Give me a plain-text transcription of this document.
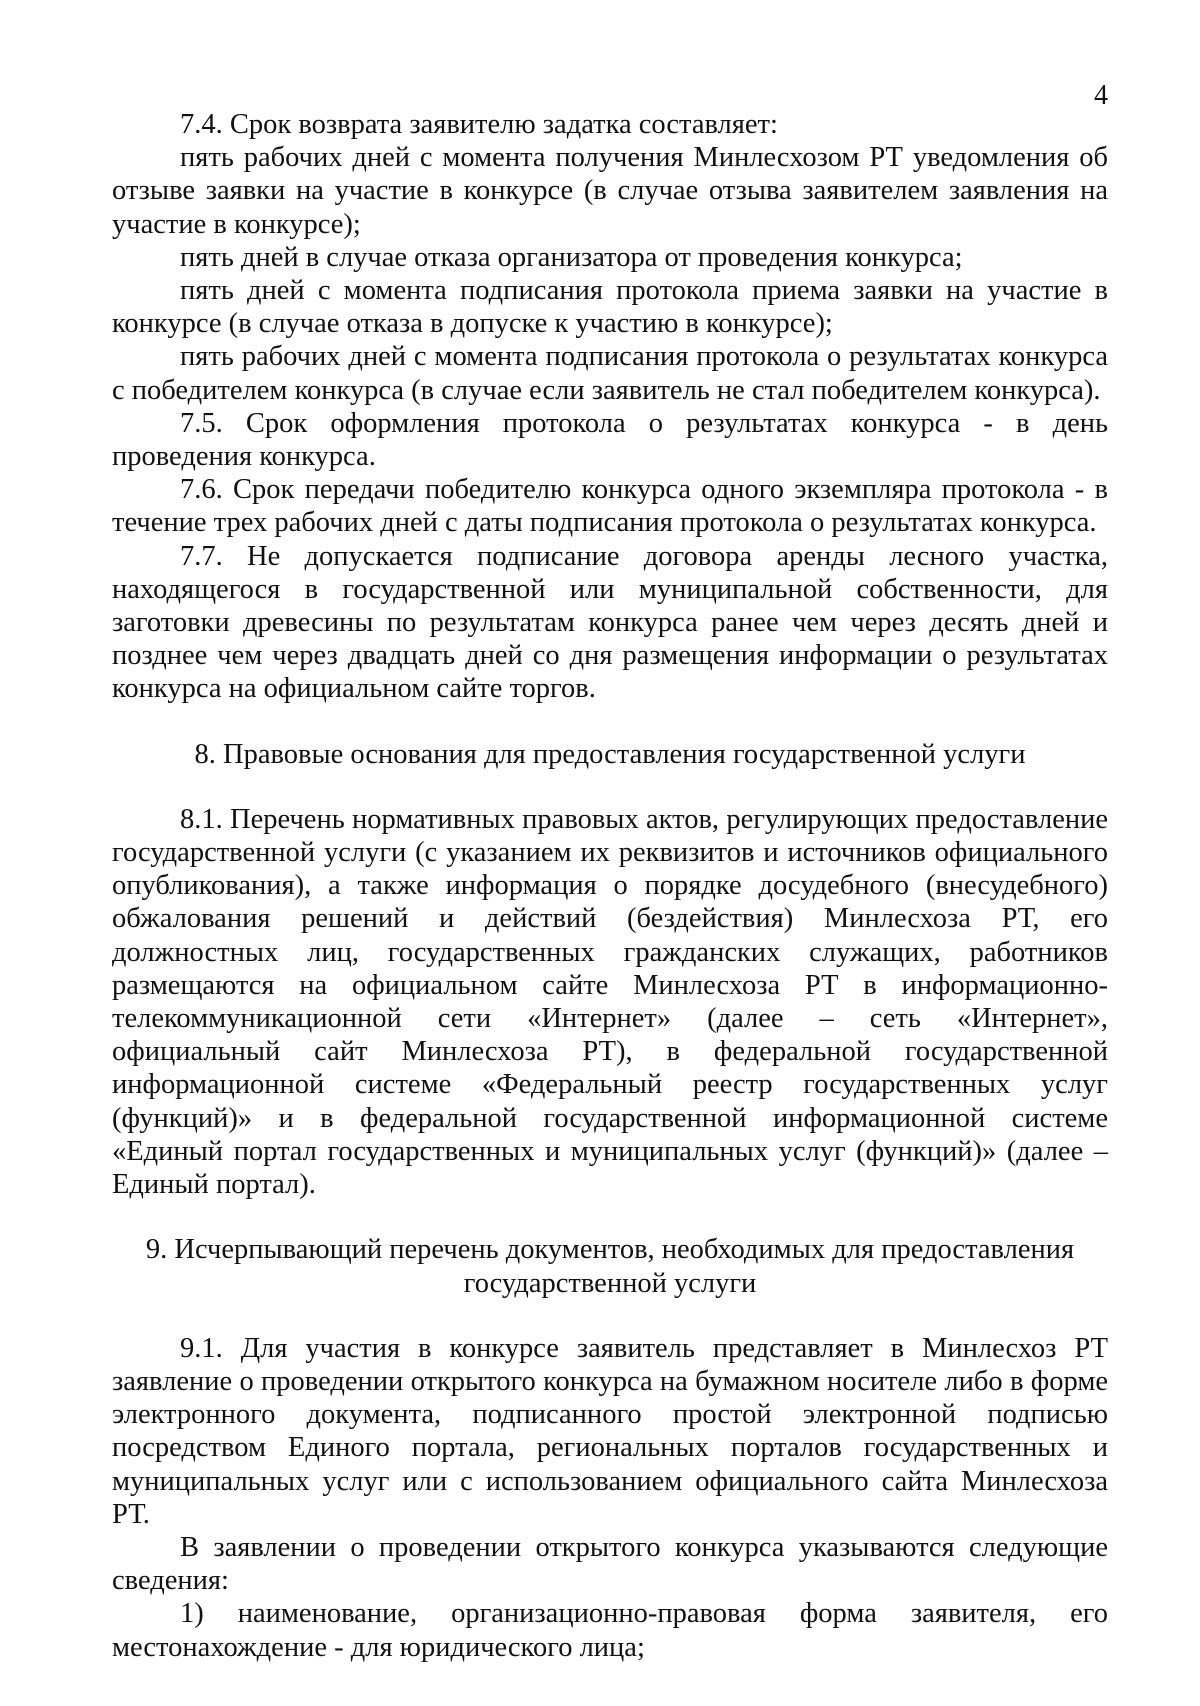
4

7.4. Срок возврата заявителю задатка составляет:

пять рабочих дней с момента получения Минлесхозом РТ уведомления об отзыве заявки на участие в конкурсе (в случае отзыва заявителем заявления на участие в конкурсе);

пять дней в случае отказа организатора от проведения конкурса;

пять дней с момента подписания протокола приема заявки на участие в конкурсе (в случае отказа в допуске к участию в конкурсе);

пять рабочих дней с момента подписания протокола о результатах конкурса с победителем конкурса (в случае если заявитель не стал победителем конкурса).

7.5. Срок оформления протокола о результатах конкурса - в день проведения конкурса.

7.6. Срок передачи победителю конкурса одного экземпляра протокола - в течение трех рабочих дней с даты подписания протокола о результатах конкурса.

7.7. Не допускается подписание договора аренды лесного участка, находящегося в государственной или муниципальной собственности, для заготовки древесины по результатам конкурса ранее чем через десять дней и позднее чем через двадцать дней со дня размещения информации о результатах конкурса на официальном сайте торгов.

8. Правовые основания для предоставления государственной услуги

8.1. Перечень нормативных правовых актов, регулирующих предоставление государственной услуги (с указанием их реквизитов и источников официального опубликования), а также информация о порядке досудебного (внесудебного) обжалования решений и действий (бездействия) Минлесхоза РТ, его должностных лиц, государственных гражданских служащих, работников размещаются на официальном сайте Минлесхоза РТ в информационно-телекоммуникационной сети «Интернет» (далее – сеть «Интернет», официальный сайт Минлесхоза РТ), в федеральной государственной информационной системе «Федеральный реестр государственных услуг (функций)» и в федеральной государственной информационной системе «Единый портал государственных и муниципальных услуг (функций)» (далее – Единый портал).

9. Исчерпывающий перечень документов, необходимых для предоставления

государственной услуги

9.1. Для участия в конкурсе заявитель представляет в Минлесхоз РТ заявление о проведении открытого конкурса на бумажном носителе либо в форме электронного документа, подписанного простой электронной подписью посредством Единого портала, региональных порталов государственных и муниципальных услуг или с использованием официального сайта Минлесхоза РТ.

В заявлении о проведении открытого конкурса указываются следующие сведения:

1) наименование, организационно-правовая форма заявителя, его местонахождение - для юридического лица;
